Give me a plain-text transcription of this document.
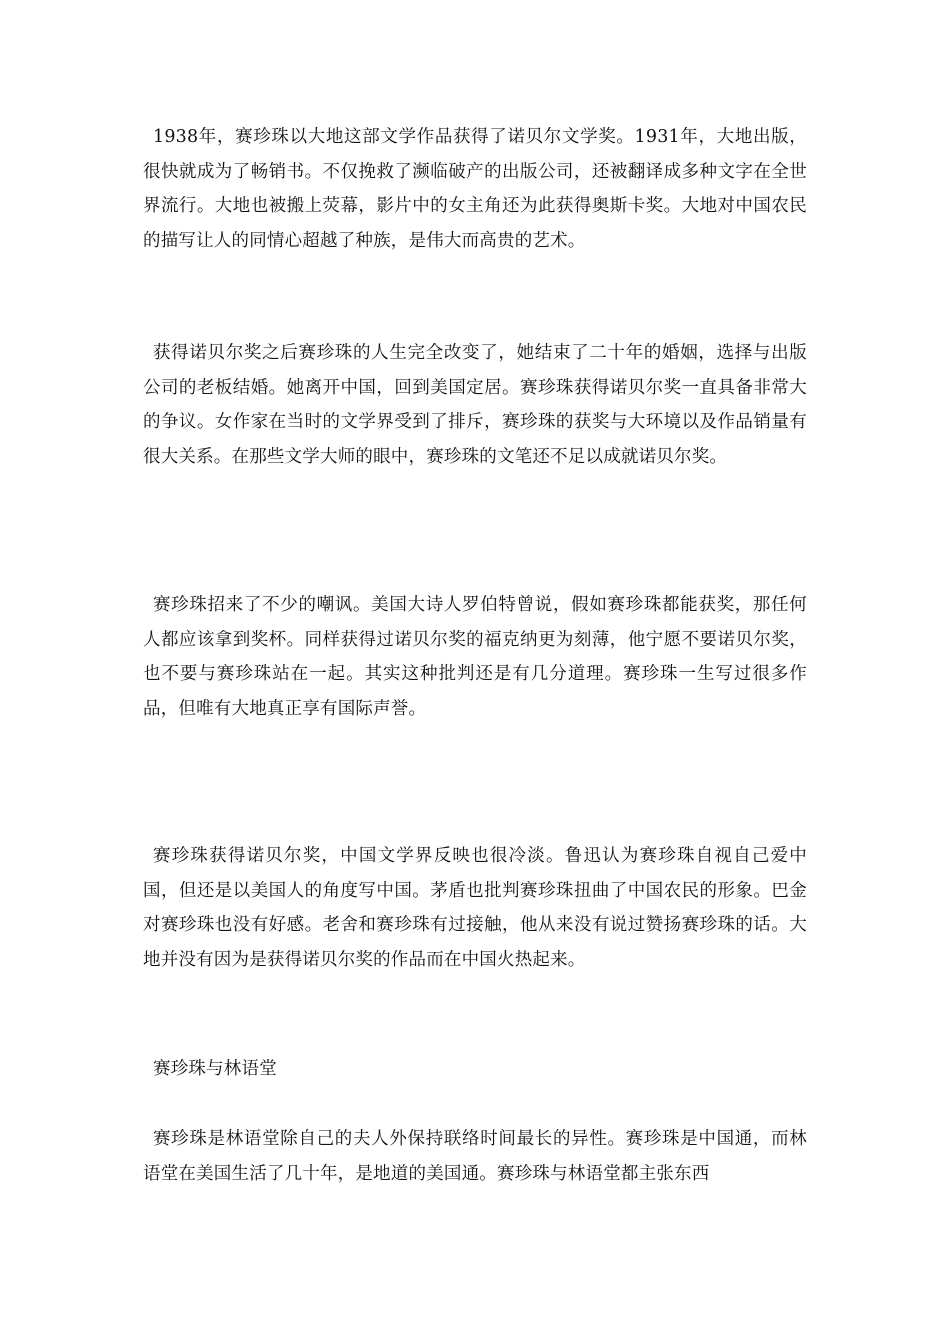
1938年，赛珍珠以大地这部文学作品获得了诺贝尔文学奖。1931年，大地出版，很快就成为了畅销书。不仅挽救了濒临破产的出版公司，还被翻译成多种文字在全世界流行。大地也被搬上荧幕，影片中的女主角还为此获得奥斯卡奖。大地对中国农民的描写让人的同情心超越了种族，是伟大而高贵的艺术。

获得诺贝尔奖之后赛珍珠的人生完全改变了，她结束了二十年的婚姻，选择与出版公司的老板结婚。她离开中国，回到美国定居。赛珍珠获得诺贝尔奖一直具备非常大的争议。女作家在当时的文学界受到了排斥，赛珍珠的获奖与大环境以及作品销量有很大关系。在那些文学大师的眼中，赛珍珠的文笔还不足以成就诺贝尔奖。

赛珍珠招来了不少的嘲讽。美国大诗人罗伯特曾说，假如赛珍珠都能获奖，那任何人都应该拿到奖杯。同样获得过诺贝尔奖的福克纳更为刻薄，他宁愿不要诺贝尔奖，也不要与赛珍珠站在一起。其实这种批判还是有几分道理。赛珍珠一生写过很多作品，但唯有大地真正享有国际声誉。

赛珍珠获得诺贝尔奖，中国文学界反映也很冷淡。鲁迅认为赛珍珠自视自己爱中国，但还是以美国人的角度写中国。茅盾也批判赛珍珠扭曲了中国农民的形象。巴金对赛珍珠也没有好感。老舍和赛珍珠有过接触，他从来没有说过赞扬赛珍珠的话。大地并没有因为是获得诺贝尔奖的作品而在中国火热起来。

赛珍珠与林语堂

赛珍珠是林语堂除自己的夫人外保持联络时间最长的异性。赛珍珠是中国通，而林语堂在美国生活了几十年，是地道的美国通。赛珍珠与林语堂都主张东西
